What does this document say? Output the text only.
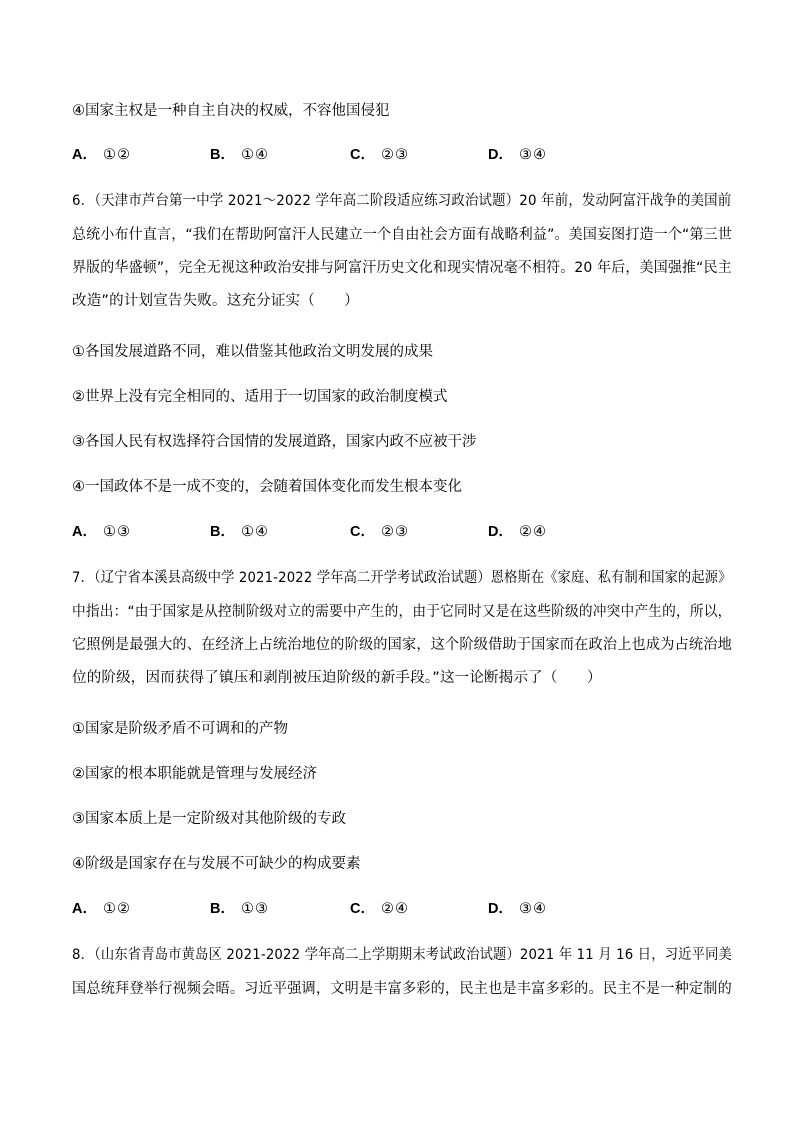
④国家主权是一种自主自决的权威，不容他国侵犯
A． ①②	B． ①④	C． ②③	D． ③④
6．（天津市芦台第一中学 2021～2022 学年高二阶段适应练习政治试题）20 年前，发动阿富汗战争的美国前
总统小布什直言，“我们在帮助阿富汗人民建立一个自由社会方面有战略利益”。美国妄图打造一个“第三世
界版的华盛顿”，完全无视这种政治安排与阿富汗历史文化和现实情况毫不相符。20 年后，美国强推“民主
改造”的计划宣告失败。这充分证实（　　）
①各国发展道路不同，难以借鉴其他政治文明发展的成果
②世界上没有完全相同的、适用于一切国家的政治制度模式
③各国人民有权选择符合国情的发展道路，国家内政不应被干涉
④一国政体不是一成不变的，会随着国体变化而发生根本变化
A． ①③	B． ①④	C． ②③	D． ②④
7．（辽宁省本溪县高级中学 2021-2022 学年高二开学考试政治试题）恩格斯在《家庭、私有制和国家的起源》
中指出：“由于国家是从控制阶级对立的需要中产生的，由于它同时又是在这些阶级的冲突中产生的，所以，
它照例是最强大的、在经济上占统治地位的阶级的国家，这个阶级借助于国家而在政治上也成为占统治地
位的阶级，因而获得了镇压和剥削被压迫阶级的新手段。”这一论断揭示了（　　）
①国家是阶级矛盾不可调和的产物
②国家的根本职能就是管理与发展经济
③国家本质上是一定阶级对其他阶级的专政
④阶级是国家存在与发展不可缺少的构成要素
A． ①②	B． ①③	C． ②④	D． ③④
8．（山东省青岛市黄岛区 2021-2022 学年高二上学期期末考试政治试题）2021 年 11 月 16 日，习近平同美
国总统拜登举行视频会晤。习近平强调，文明是丰富多彩的，民主也是丰富多彩的。民主不是一种定制的
